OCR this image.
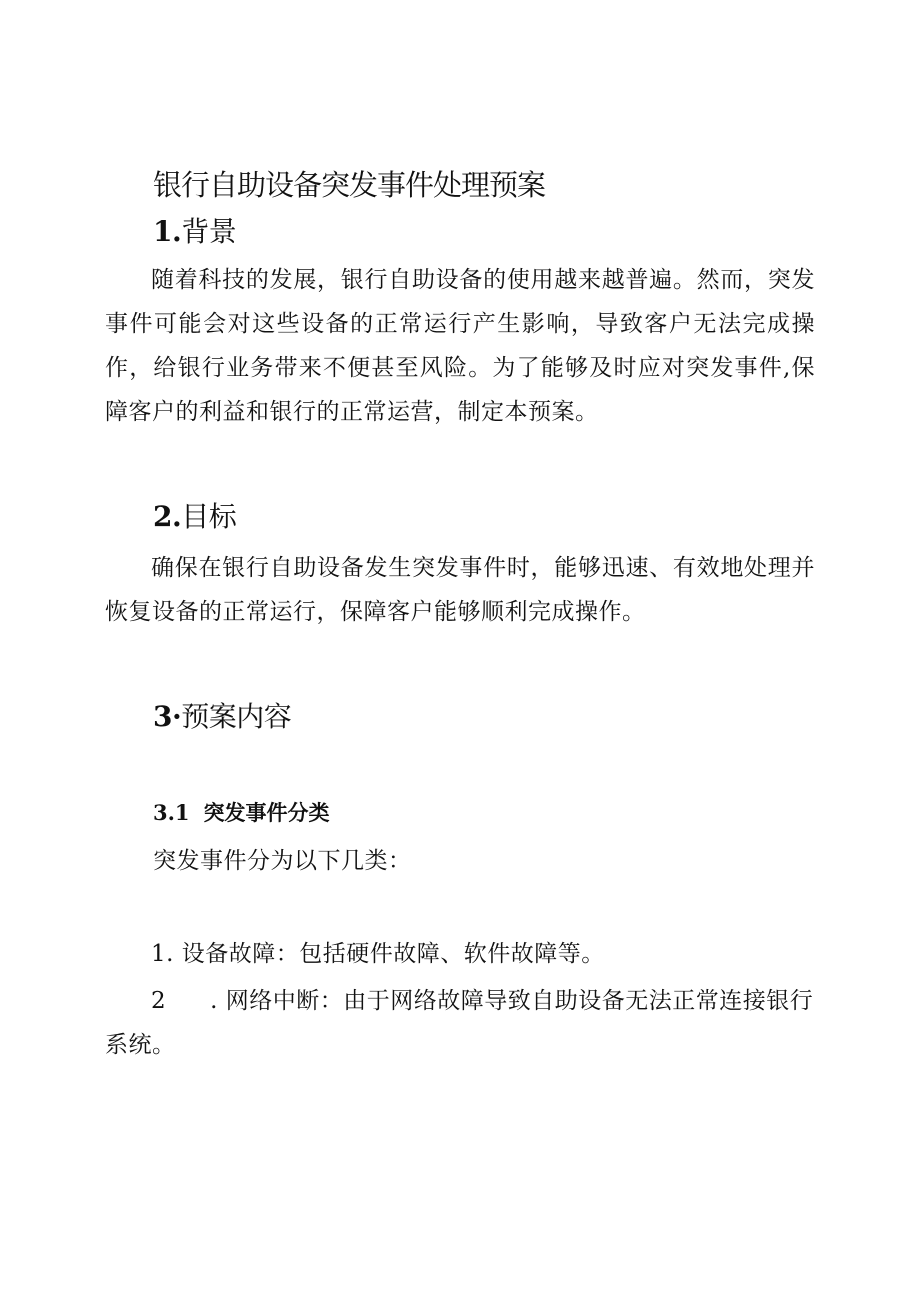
银行自助设备突发事件处理预案
1.背景
随着科技的发展，银行自助设备的使用越来越普遍。然而，突发事件可能会对这些设备的正常运行产生影响，导致客户无法完成操作，给银行业务带来不便甚至风险。为了能够及时应对突发事件,保障客户的利益和银行的正常运营，制定本预案。
2.目标
确保在银行自助设备发生突发事件时，能够迅速、有效地处理并恢复设备的正常运行，保障客户能够顺利完成操作。
3·预案内容
3.1 突发事件分类
突发事件分为以下几类：
1. 设备故障：包括硬件故障、软件故障等。
2 . 网络中断：由于网络故障导致自助设备无法正常连接银行系统。
